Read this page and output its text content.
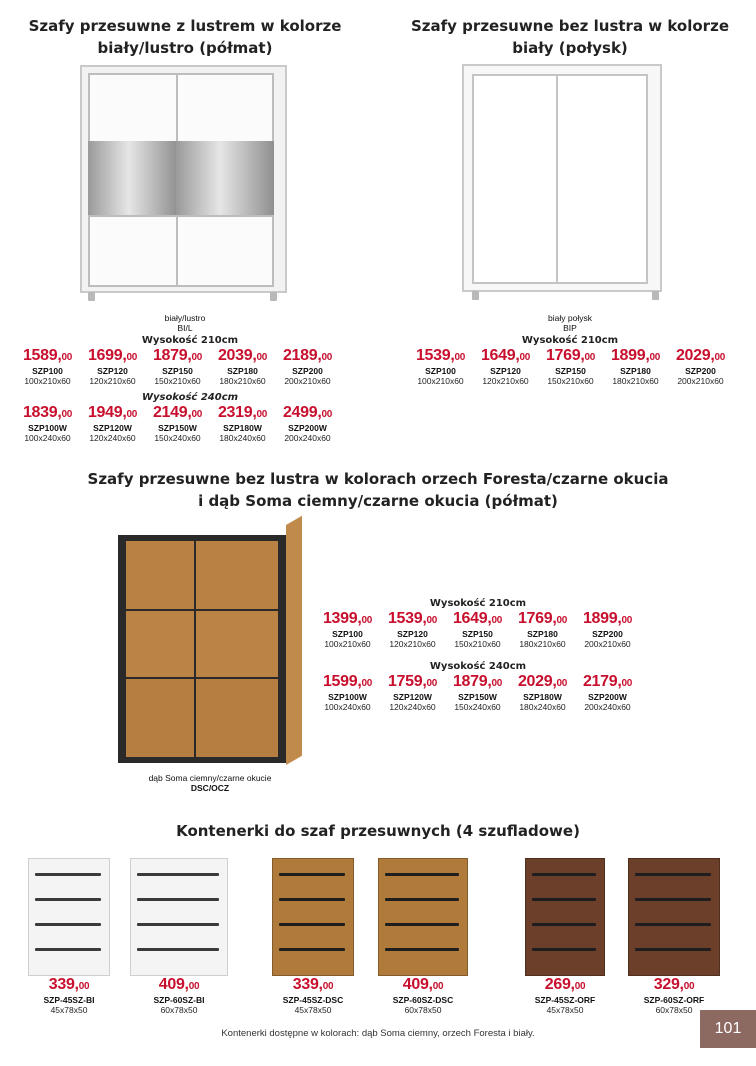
Szafy przesuwne z lustrem w kolorze
biały/lustro (półmat)
biały/lustro
BI/L
Wysokość 210cm
1589,00
SZP100
100x210x60
1699,00
SZP120
120x210x60
1879,00
SZP150
150x210x60
2039,00
SZP180
180x210x60
2189,00
SZP200
200x210x60
Wysokość 240cm
1839,00
SZP100W
100x240x60
1949,00
SZP120W
120x240x60
2149,00
SZP150W
150x240x60
2319,00
SZP180W
180x240x60
2499,00
SZP200W
200x240x60
Szafy przesuwne bez lustra w kolorze
biały (połysk)
biały połysk
BIP
Wysokość 210cm
1539,00
SZP100
100x210x60
1649,00
SZP120
120x210x60
1769,00
SZP150
150x210x60
1899,00
SZP180
180x210x60
2029,00
SZP200
200x210x60
Szafy przesuwne bez lustra w kolorach orzech Foresta/czarne okucia
i dąb Soma ciemny/czarne okucia (półmat)
dąb Soma ciemny/czarne okucie
DSC/OCZ
Wysokość 210cm
1399,00
SZP100
100x210x60
1539,00
SZP120
120x210x60
1649,00
SZP150
150x210x60
1769,00
SZP180
180x210x60
1899,00
SZP200
200x210x60
Wysokość 240cm
1599,00
SZP100W
100x240x60
1759,00
SZP120W
120x240x60
1879,00
SZP150W
150x240x60
2029,00
SZP180W
180x240x60
2179,00
SZP200W
200x240x60
Kontenerki do szaf przesuwnych (4 szufladowe)
339,00
SZP-45SZ-BI
45x78x50
409,00
SZP-60SZ-BI
60x78x50
339,00
SZP-45SZ-DSC
45x78x50
409,00
SZP-60SZ-DSC
60x78x50
269,00
SZP-45SZ-ORF
45x78x50
329,00
SZP-60SZ-ORF
60x78x50
Kontenerki dostępne w kolorach: dąb Soma ciemny, orzech Foresta i biały.	101
